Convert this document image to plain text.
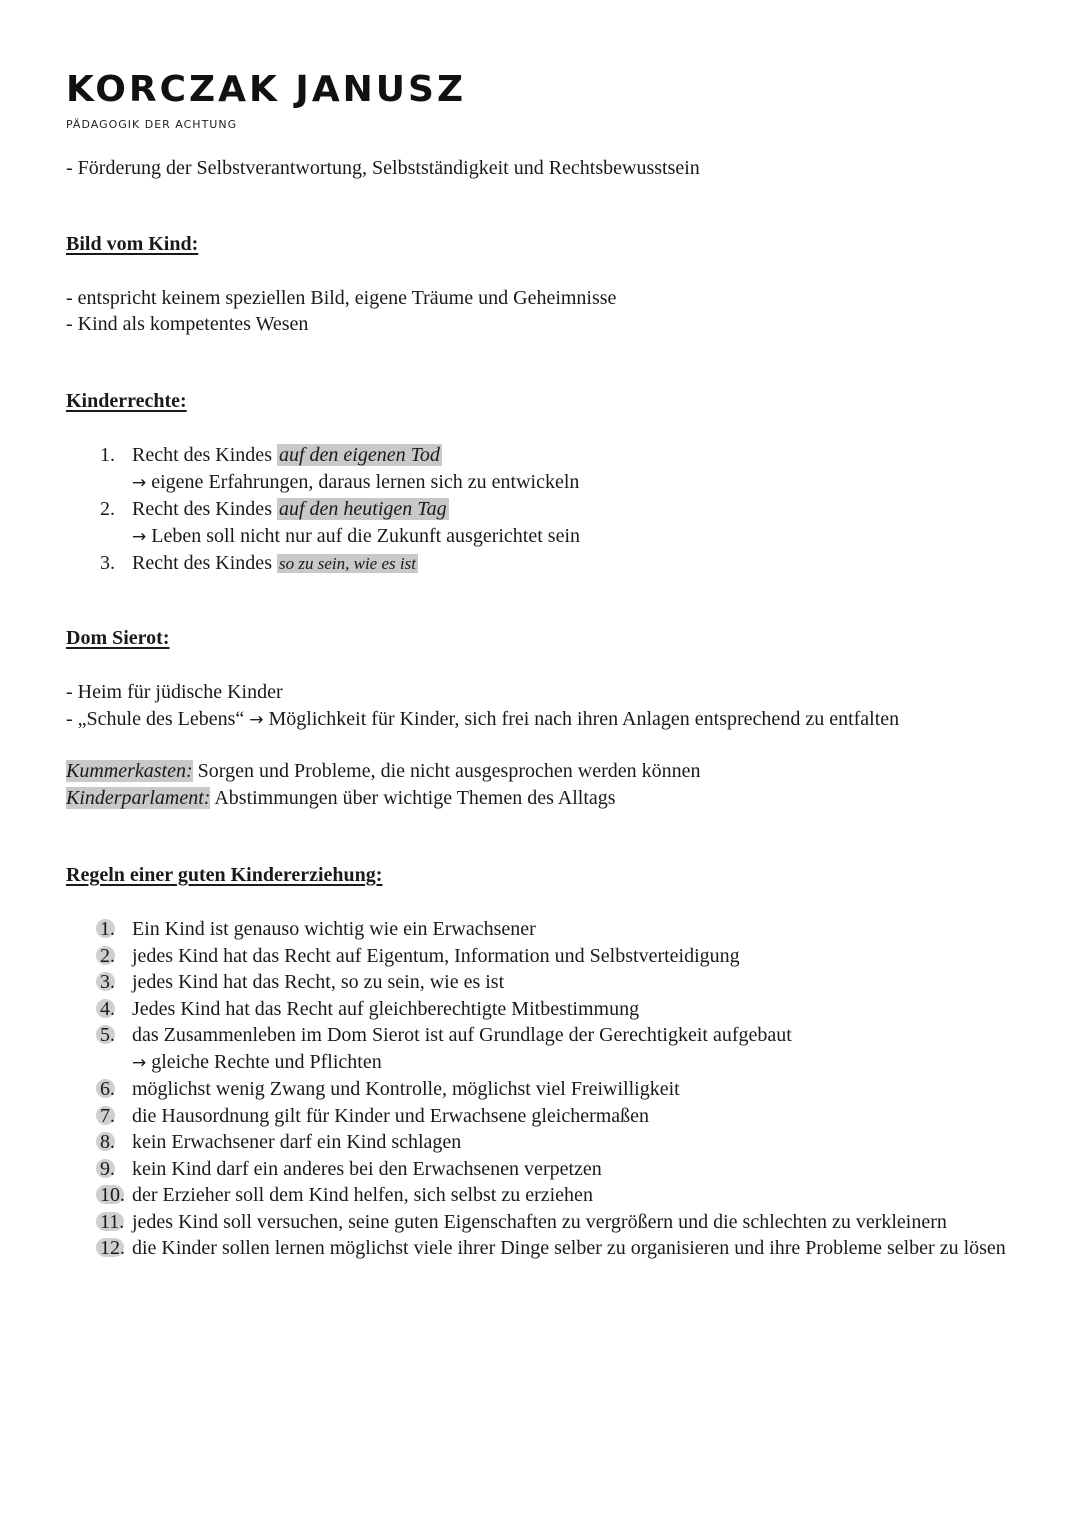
KORCZAK JANUSZ
PÄDAGOGIK DER ACHTUNG
- Förderung der Selbstverantwortung, Selbstständigkeit und Rechtsbewusstsein
Bild vom Kind:
- entspricht keinem speziellen Bild, eigene Träume und Geheimnisse
- Kind als kompetentes Wesen
Kinderrechte:
1. Recht des Kindes auf den eigenen Tod
→ eigene Erfahrungen, daraus lernen sich zu entwickeln
2. Recht des Kindes auf den heutigen Tag
→ Leben soll nicht nur auf die Zukunft ausgerichtet sein
3. Recht des Kindes so zu sein, wie es ist
Dom Sierot:
- Heim für jüdische Kinder
- „Schule des Lebens“ → Möglichkeit für Kinder, sich frei nach ihren Anlagen entsprechend zu entfalten
Kummerkasten: Sorgen und Probleme, die nicht ausgesprochen werden können
Kinderparlament: Abstimmungen über wichtige Themen des Alltags
Regeln einer guten Kindererziehung:
1. Ein Kind ist genauso wichtig wie ein Erwachsener
2. jedes Kind hat das Recht auf Eigentum, Information und Selbstverteidigung
3. jedes Kind hat das Recht, so zu sein, wie es ist
4. Jedes Kind hat das Recht auf gleichberechtigte Mitbestimmung
5. das Zusammenleben im Dom Sierot ist auf Grundlage der Gerechtigkeit aufgebaut
→ gleiche Rechte und Pflichten
6. möglichst wenig Zwang und Kontrolle, möglichst viel Freiwilligkeit
7. die Hausordnung gilt für Kinder und Erwachsene gleichermaßen
8. kein Erwachsener darf ein Kind schlagen
9. kein Kind darf ein anderes bei den Erwachsenen verpetzen
10. der Erzieher soll dem Kind helfen, sich selbst zu erziehen
11. jedes Kind soll versuchen, seine guten Eigenschaften zu vergrößern und die schlechten zu verkleinern
12. die Kinder sollen lernen möglichst viele ihrer Dinge selber zu organisieren und ihre Probleme selber zu lösen
